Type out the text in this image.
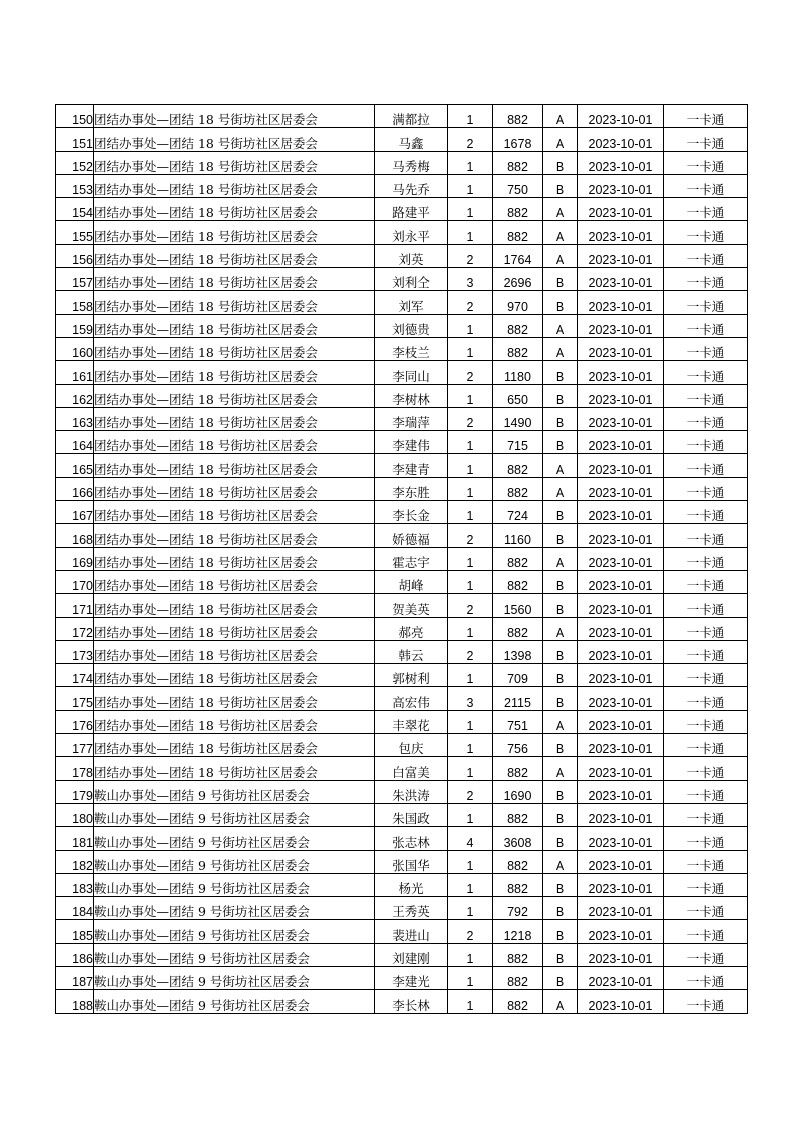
150	团结办事处—团结 18 号街坊社区居委会	满都拉	1	882	A	2023-10-01	一卡通
151	团结办事处—团结 18 号街坊社区居委会	马鑫	2	1678	A	2023-10-01	一卡通
152	团结办事处—团结 18 号街坊社区居委会	马秀梅	1	882	B	2023-10-01	一卡通
153	团结办事处—团结 18 号街坊社区居委会	马先乔	1	750	B	2023-10-01	一卡通
154	团结办事处—团结 18 号街坊社区居委会	路建平	1	882	A	2023-10-01	一卡通
155	团结办事处—团结 18 号街坊社区居委会	刘永平	1	882	A	2023-10-01	一卡通
156	团结办事处—团结 18 号街坊社区居委会	刘英	2	1764	A	2023-10-01	一卡通
157	团结办事处—团结 18 号街坊社区居委会	刘利仝	3	2696	B	2023-10-01	一卡通
158	团结办事处—团结 18 号街坊社区居委会	刘军	2	970	B	2023-10-01	一卡通
159	团结办事处—团结 18 号街坊社区居委会	刘德贵	1	882	A	2023-10-01	一卡通
160	团结办事处—团结 18 号街坊社区居委会	李枝兰	1	882	A	2023-10-01	一卡通
161	团结办事处—团结 18 号街坊社区居委会	李同山	2	1180	B	2023-10-01	一卡通
162	团结办事处—团结 18 号街坊社区居委会	李树林	1	650	B	2023-10-01	一卡通
163	团结办事处—团结 18 号街坊社区居委会	李瑞萍	2	1490	B	2023-10-01	一卡通
164	团结办事处—团结 18 号街坊社区居委会	李建伟	1	715	B	2023-10-01	一卡通
165	团结办事处—团结 18 号街坊社区居委会	李建青	1	882	A	2023-10-01	一卡通
166	团结办事处—团结 18 号街坊社区居委会	李东胜	1	882	A	2023-10-01	一卡通
167	团结办事处—团结 18 号街坊社区居委会	李长金	1	724	B	2023-10-01	一卡通
168	团结办事处—团结 18 号街坊社区居委会	娇德福	2	1160	B	2023-10-01	一卡通
169	团结办事处—团结 18 号街坊社区居委会	霍志宇	1	882	A	2023-10-01	一卡通
170	团结办事处—团结 18 号街坊社区居委会	胡峰	1	882	B	2023-10-01	一卡通
171	团结办事处—团结 18 号街坊社区居委会	贺美英	2	1560	B	2023-10-01	一卡通
172	团结办事处—团结 18 号街坊社区居委会	郝亮	1	882	A	2023-10-01	一卡通
173	团结办事处—团结 18 号街坊社区居委会	韩云	2	1398	B	2023-10-01	一卡通
174	团结办事处—团结 18 号街坊社区居委会	郭树利	1	709	B	2023-10-01	一卡通
175	团结办事处—团结 18 号街坊社区居委会	高宏伟	3	2115	B	2023-10-01	一卡通
176	团结办事处—团结 18 号街坊社区居委会	丰翠花	1	751	A	2023-10-01	一卡通
177	团结办事处—团结 18 号街坊社区居委会	包庆	1	756	B	2023-10-01	一卡通
178	团结办事处—团结 18 号街坊社区居委会	白富美	1	882	A	2023-10-01	一卡通
179	鞍山办事处—团结 9 号街坊社区居委会	朱洪涛	2	1690	B	2023-10-01	一卡通
180	鞍山办事处—团结 9 号街坊社区居委会	朱国政	1	882	B	2023-10-01	一卡通
181	鞍山办事处—团结 9 号街坊社区居委会	张志林	4	3608	B	2023-10-01	一卡通
182	鞍山办事处—团结 9 号街坊社区居委会	张国华	1	882	A	2023-10-01	一卡通
183	鞍山办事处—团结 9 号街坊社区居委会	杨光	1	882	B	2023-10-01	一卡通
184	鞍山办事处—团结 9 号街坊社区居委会	王秀英	1	792	B	2023-10-01	一卡通
185	鞍山办事处—团结 9 号街坊社区居委会	裴进山	2	1218	B	2023-10-01	一卡通
186	鞍山办事处—团结 9 号街坊社区居委会	刘建刚	1	882	B	2023-10-01	一卡通
187	鞍山办事处—团结 9 号街坊社区居委会	李建光	1	882	B	2023-10-01	一卡通
188	鞍山办事处—团结 9 号街坊社区居委会	李长林	1	882	A	2023-10-01	一卡通
